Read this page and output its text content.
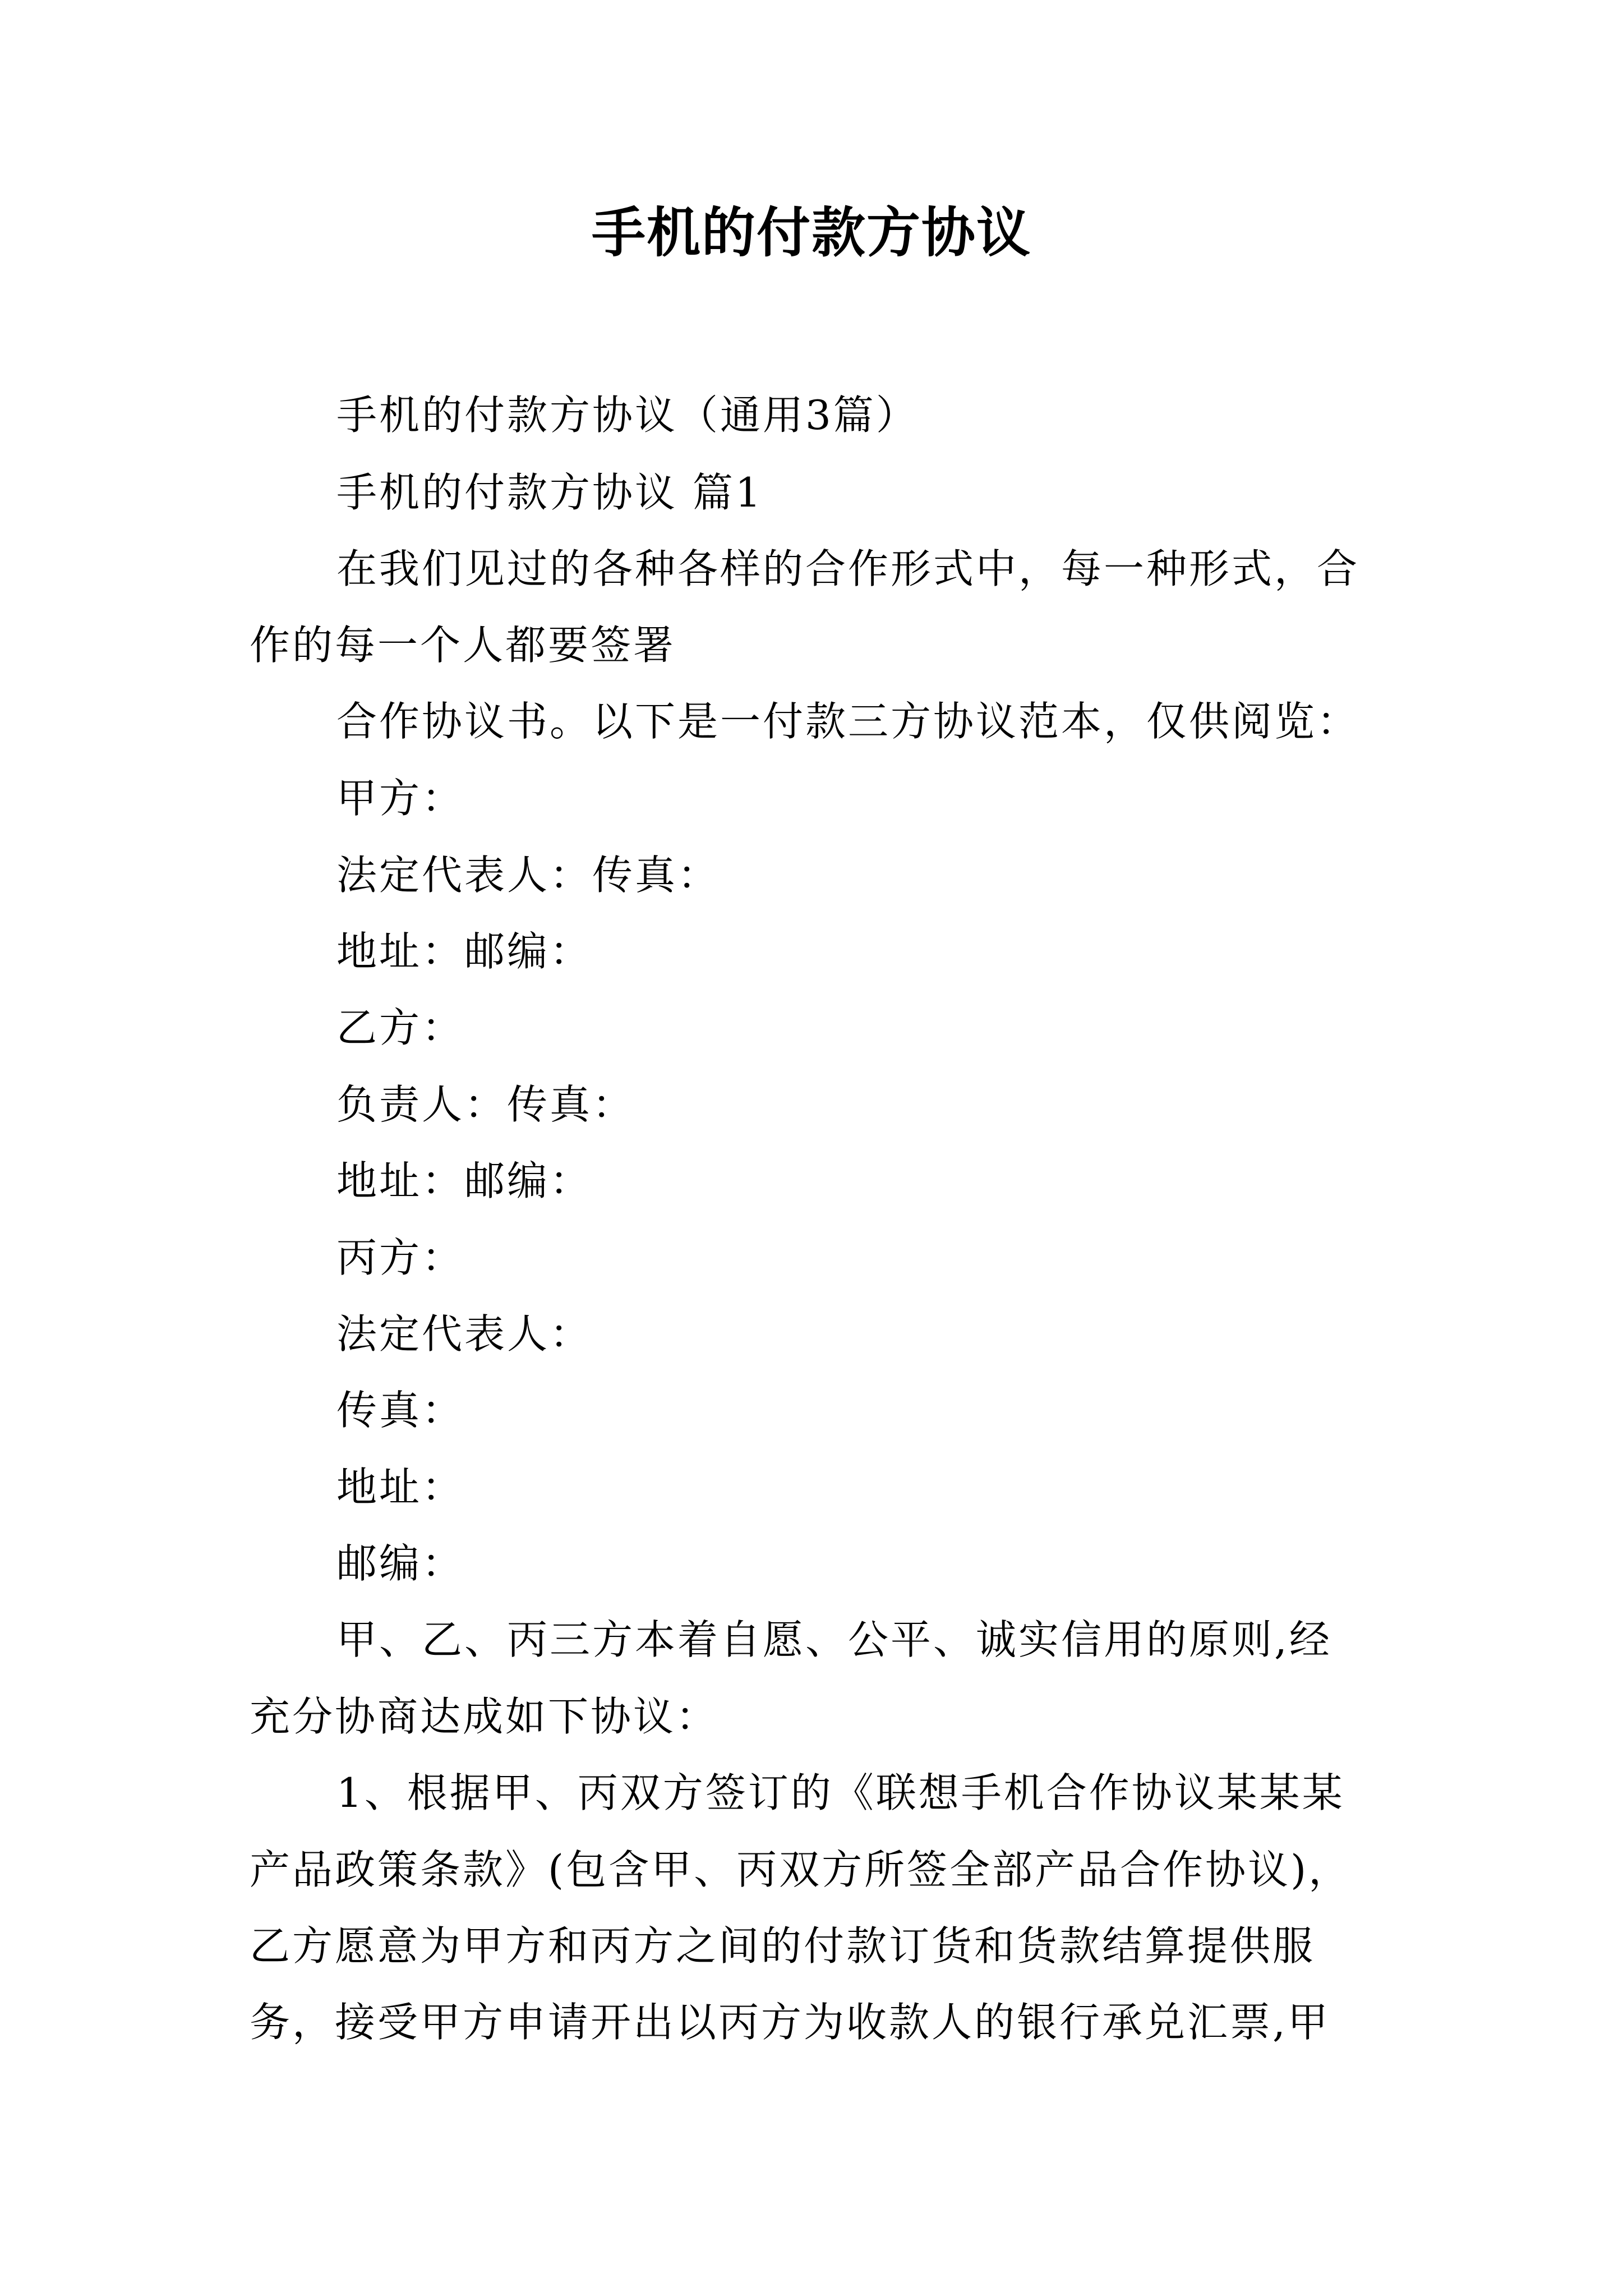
手机的付款方协议
手机的付款方协议（通用3篇）
手机的付款方协议 篇1
在我们见过的各种各样的合作形式中，每一种形式，合
作的每一个人都要签署
合作协议书。以下是一付款三方协议范本，仅供阅览：
甲方：
法定代表人：传真：
地址：邮编：
乙方：
负责人：传真：
地址：邮编：
丙方：
法定代表人：
传真：
地址：
邮编：
甲、乙、丙三方本着自愿、公平、诚实信用的原则,经
充分协商达成如下协议：
1、根据甲、丙双方签订的《联想手机合作协议某某某
产品政策条款》(包含甲、丙双方所签全部产品合作协议)，
乙方愿意为甲方和丙方之间的付款订货和货款结算提供服
务，接受甲方申请开出以丙方为收款人的银行承兑汇票,甲
